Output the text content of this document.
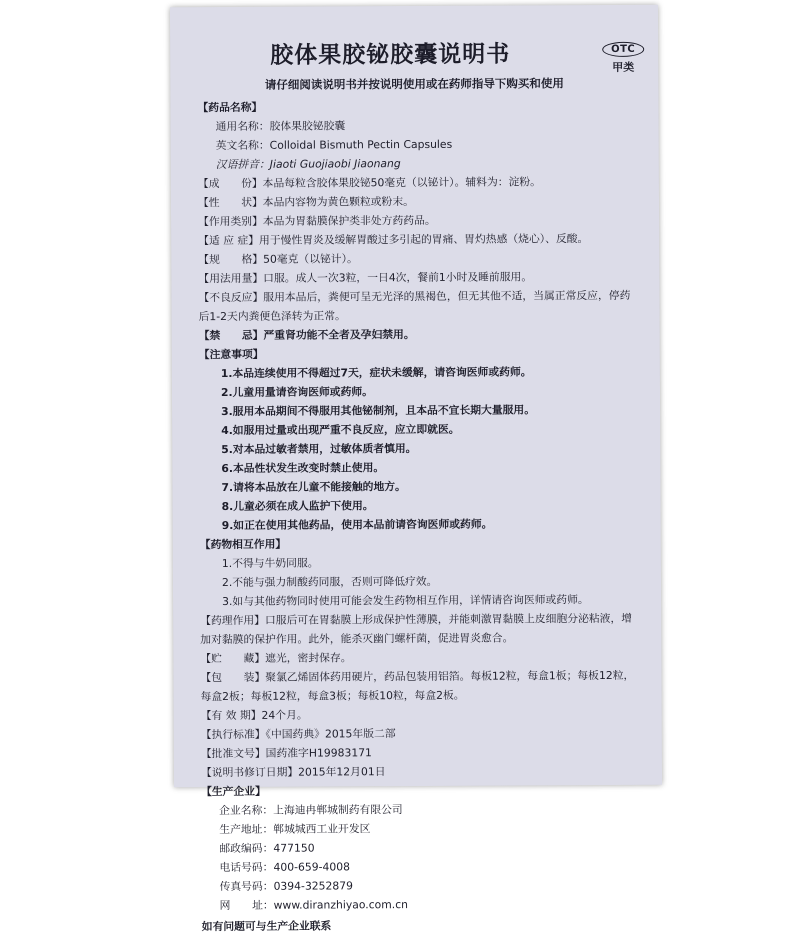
胶体果胶铋胶囊说明书	OTC
甲类
请仔细阅读说明书并按说明使用或在药师指导下购买和使用
【药品名称】
通用名称：胶体果胶铋胶囊
英文名称：Colloidal Bismuth Pectin Capsules
汉语拼音：Jiaoti Guojiaobi Jiaonang
【成　　份】本品每粒含胶体果胶铋50毫克（以铋计）。辅料为：淀粉。
【性　　状】本品内容物为黄色颗粒或粉末。
【作用类别】本品为胃黏膜保护类非处方药药品。
【适 应 症】用于慢性胃炎及缓解胃酸过多引起的胃痛、胃灼热感（烧心）、反酸。
【规　　格】50毫克（以铋计）。
【用法用量】口服。成人一次3粒，一日4次，餐前1小时及睡前服用。
【不良反应】服用本品后，粪便可呈无光泽的黑褐色，但无其他不适，当属正常反应，停药后1-2天内粪便色泽转为正常。
【禁　　忌】严重肾功能不全者及孕妇禁用。
【注意事项】
1.本品连续使用不得超过7天，症状未缓解，请咨询医师或药师。
2.儿童用量请咨询医师或药师。
3.服用本品期间不得服用其他铋制剂，且本品不宜长期大量服用。
4.如服用过量或出现严重不良反应，应立即就医。
5.对本品过敏者禁用，过敏体质者慎用。
6.本品性状发生改变时禁止使用。
7.请将本品放在儿童不能接触的地方。
8.儿童必须在成人监护下使用。
9.如正在使用其他药品，使用本品前请咨询医师或药师。
【药物相互作用】
1.不得与牛奶同服。
2.不能与强力制酸药同服，否则可降低疗效。
3.如与其他药物同时使用可能会发生药物相互作用，详情请咨询医师或药师。
【药理作用】口服后可在胃黏膜上形成保护性薄膜，并能刺激胃黏膜上皮细胞分泌粘液，增加对黏膜的保护作用。此外，能杀灭幽门螺杆菌，促进胃炎愈合。
【贮　　藏】遮光，密封保存。
【包　　装】聚氯乙烯固体药用硬片，药品包装用铝箔。每板12粒，每盒1板；每板12粒，每盒2板；每板12粒，每盒3板；每板10粒，每盒2板。
【有 效 期】24个月。
【执行标准】《中国药典》2015年版二部
【批准文号】国药准字H19983171
【说明书修订日期】2015年12月01日
【生产企业】
企业名称：上海迪冉郸城制药有限公司
生产地址：郸城城西工业开发区
邮政编码：477150
电话号码：400-659-4008
传真号码：0394-3252879
网　　址：www.diranzhiyao.com.cn
如有问题可与生产企业联系
